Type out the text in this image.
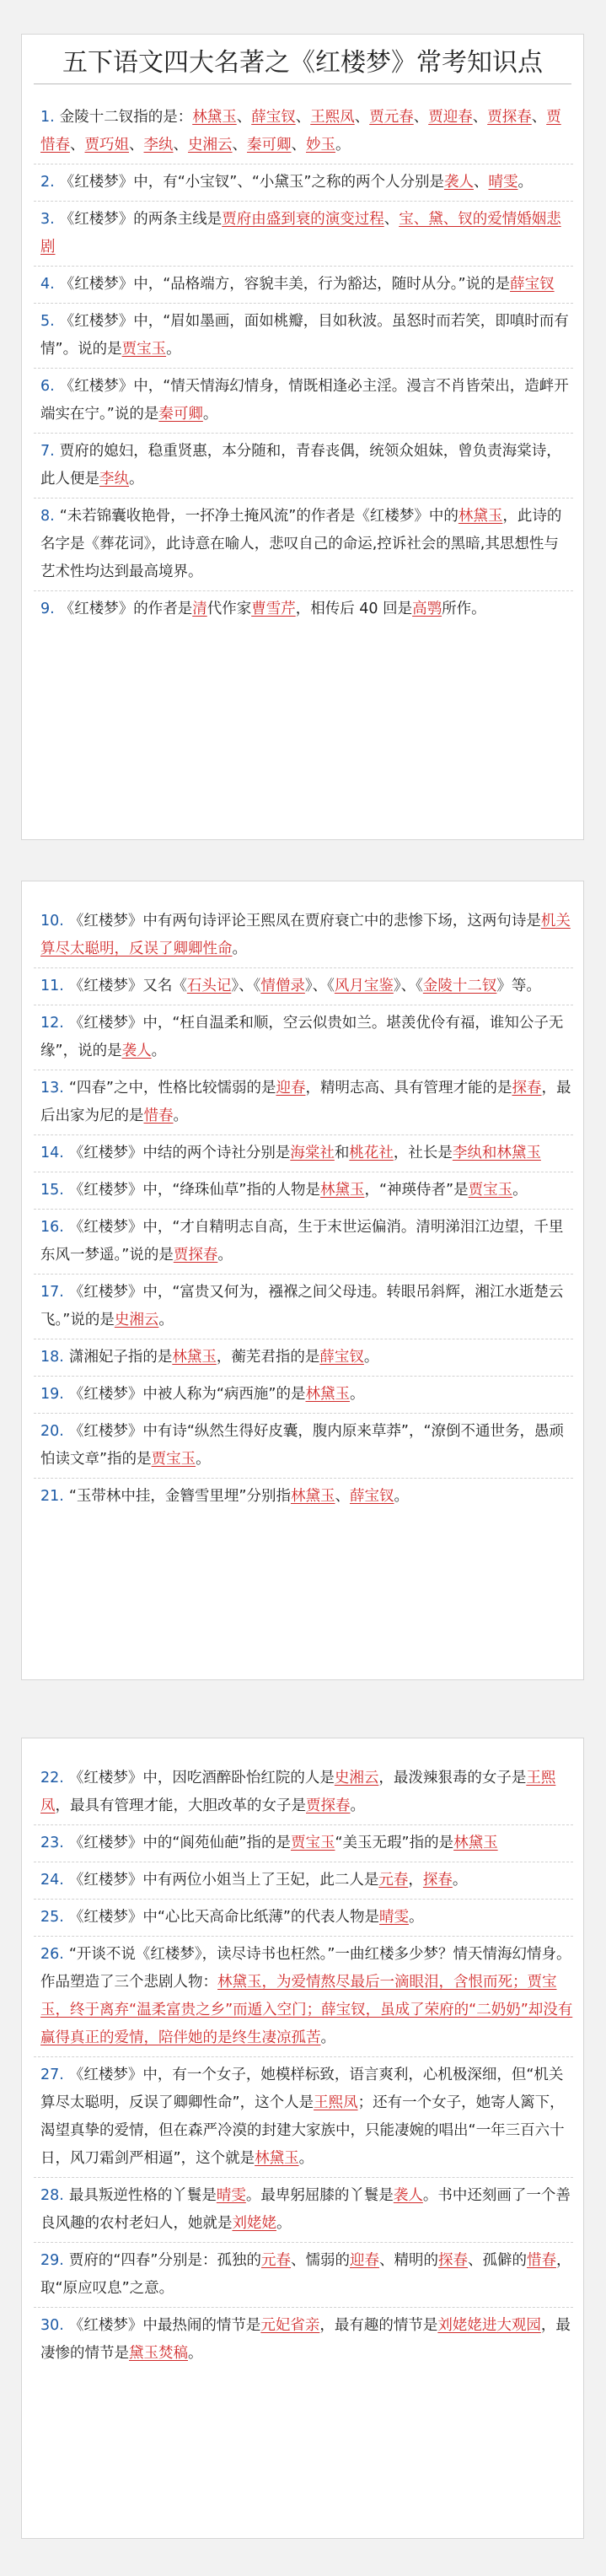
五下语文四大名著之《红楼梦》常考知识点
1. 金陵十二钗指的是：林黛玉、薛宝钗、王熙凤、贾元春、贾迎春、贾探春、贾惜春、贾巧姐、李纨、史湘云、秦可卿、妙玉。
2. 《红楼梦》中，有“小宝钗”、“小黛玉”之称的两个人分别是袭人、晴雯。
3. 《红楼梦》的两条主线是贾府由盛到衰的演变过程、宝、黛、钗的爱情婚姻悲剧
4. 《红楼梦》中，“品格端方，容貌丰美，行为豁达，随时从分。”说的是薛宝钗
5. 《红楼梦》中，“眉如墨画，面如桃瓣，目如秋波。虽怒时而若笑，即嗔时而有情”。说的是贾宝玉。
6. 《红楼梦》中，“情天情海幻情身，情既相逢必主淫。漫言不肖皆荣出，造衅开端实在宁。”说的是秦可卿。
7. 贾府的媳妇，稳重贤惠，本分随和，青春丧偶，统领众姐妹，曾负责海棠诗，此人便是李纨。
8. “未若锦囊收艳骨，一抔净土掩风流”的作者是《红楼梦》中的林黛玉，此诗的名字是《葬花词》，此诗意在喻人，悲叹自己的命运,控诉社会的黑暗,其思想性与艺术性均达到最高境界。
9. 《红楼梦》的作者是清代作家曹雪芹，相传后 40 回是高鹗所作。
10. 《红楼梦》中有两句诗评论王熙凤在贾府衰亡中的悲惨下场，这两句诗是机关算尽太聪明，反误了卿卿性命。
11. 《红楼梦》又名《石头记》、《情僧录》、《风月宝鉴》、《金陵十二钗》等。
12. 《红楼梦》中，“枉自温柔和顺，空云似贵如兰。堪羡优伶有福，谁知公子无缘”，说的是袭人。
13. “四春”之中，性格比较懦弱的是迎春，精明志高、具有管理才能的是探春，最后出家为尼的是惜春。
14. 《红楼梦》中结的两个诗社分别是海棠社和桃花社，社长是李纨和林黛玉
15. 《红楼梦》中，“绛珠仙草”指的人物是林黛玉，“神瑛侍者”是贾宝玉。
16. 《红楼梦》中，“才自精明志自高，生于末世运偏消。清明涕泪江边望，千里东风一梦遥。”说的是贾探春。
17. 《红楼梦》中，“富贵又何为，襁褓之间父母违。转眼吊斜辉，湘江水逝楚云飞。”说的是史湘云。
18. 潇湘妃子指的是林黛玉，蘅芜君指的是薛宝钗。
19. 《红楼梦》中被人称为“病西施”的是林黛玉。
20. 《红楼梦》中有诗“纵然生得好皮囊，腹内原来草莽”，“潦倒不通世务，愚顽怕读文章”指的是贾宝玉。
21. “玉带林中挂，金簪雪里埋”分别指林黛玉、薛宝钗。
22. 《红楼梦》中，因吃酒醉卧怡红院的人是史湘云，最泼辣狠毒的女子是王熙凤，最具有管理才能，大胆改革的女子是贾探春。
23. 《红楼梦》中的“阆苑仙葩”指的是贾宝玉“美玉无瑕”指的是林黛玉
24. 《红楼梦》中有两位小姐当上了王妃，此二人是元春，探春。
25. 《红楼梦》中“心比天高命比纸薄”的代表人物是晴雯。
26. “开谈不说《红楼梦》，读尽诗书也枉然。”一曲红楼多少梦？情天情海幻情身。作品塑造了三个悲剧人物：林黛玉，为爱情熬尽最后一滴眼泪，含恨而死；贾宝玉，终于离弃“温柔富贵之乡”而遁入空门；薛宝钗，虽成了荣府的“二奶奶”却没有赢得真正的爱情，陪伴她的是终生凄凉孤苦。
27. 《红楼梦》中，有一个女子，她模样标致，语言爽利，心机极深细，但“机关算尽太聪明，反误了卿卿性命”，这个人是王熙凤；还有一个女子，她寄人篱下，渴望真挚的爱情，但在森严冷漠的封建大家族中，只能凄婉的唱出“一年三百六十日，风刀霜剑严相逼”，这个就是林黛玉。
28. 最具叛逆性格的丫鬟是晴雯。最卑躬屈膝的丫鬟是袭人。书中还刻画了一个善良风趣的农村老妇人，她就是刘姥姥。
29. 贾府的“四春”分别是：孤独的元春、懦弱的迎春、精明的探春、孤僻的惜春，取“原应叹息”之意。
30. 《红楼梦》中最热闹的情节是元妃省亲，最有趣的情节是刘姥姥进大观园，最凄惨的情节是黛玉焚稿。
